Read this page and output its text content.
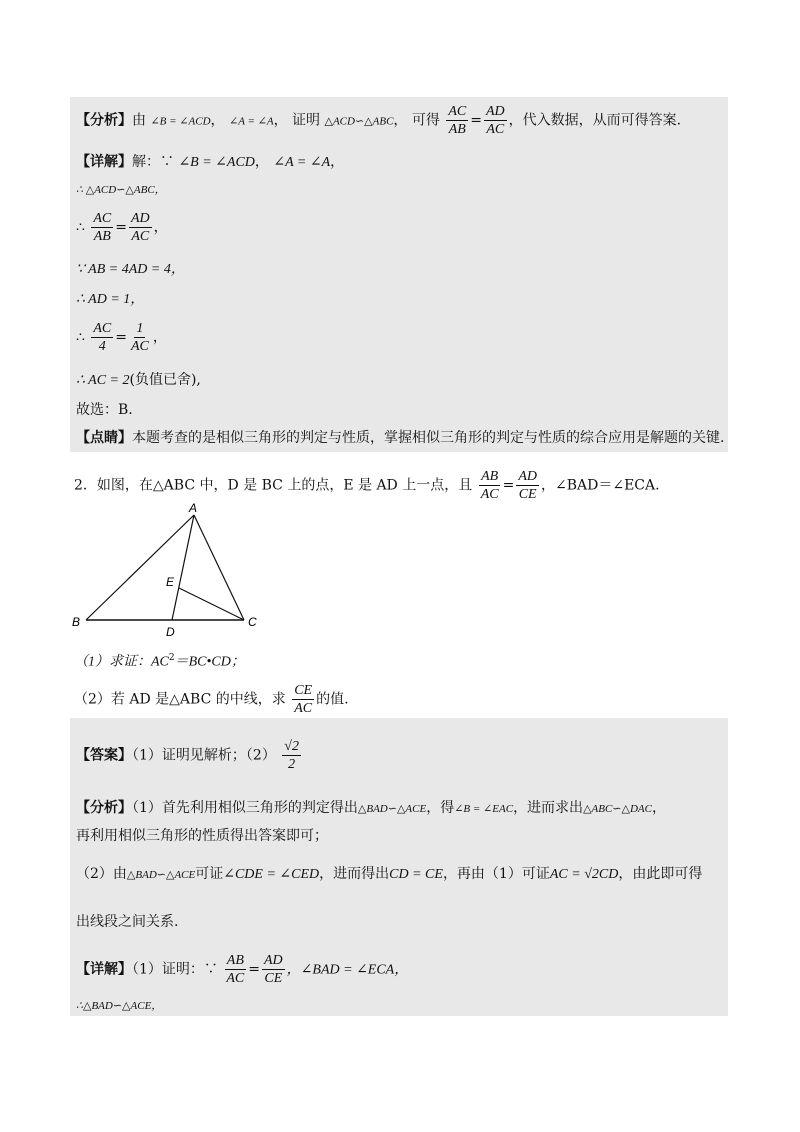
【分析】由 ∠B = ∠ACD， ∠A = ∠A， 证明 △ACD∽△ABC， 可得 $\frac{AC}{AB} = \frac{AD}{AC}$ ，代入数据，从而可得答案.
【详解】解：∵ ∠B = ∠ACD， ∠A = ∠A，
∴ △ACD∽△ABC，
∴ $\frac{AC}{AB} = \frac{AD}{AC}$ ，
∵ AB = 4AD = 4，
∴ AD = 1，
∴ $\frac{AC}{4} = \frac{1}{AC}$ ，
∴ AC = 2(负值已舍),
故选：B.
【点睛】本题考查的是相似三角形的判定与性质，掌握相似三角形的判定与性质的综合应用是解题的关键.
2．如图，在△ABC 中，D 是 BC 上的点，E 是 AD 上一点，且 $\frac{AB}{AC} = \frac{AD}{CE}$ ，∠BAD＝∠ECA.
A
B	C
D
E
（1）求证：$AC^2=BC•CD$；
（2）若 AD 是△ABC 的中线，求 $\frac{CE}{AC}$ 的值.
【答案】（1）证明见解析；$(2) \frac{√2}{2}$
【分析】（1）首先利用相似三角形的判定得出△BAD∽△ACE，得∠B = ∠EAC，进而求出△ABC∽△DAC，
再利用相似三角形的性质得出答案即可；
（2）由△BAD∽△ACE可证∠CDE = ∠CED，进而得出CD = CE，再由（1）可证AC = √2CD，由此即可得
出线段之间关系.
【详解】（1）证明：∵ $\frac{AB}{AC} = \frac{AD}{CE}$ ，∠BAD = ∠ECA，
∴△BAD∽△ACE，
